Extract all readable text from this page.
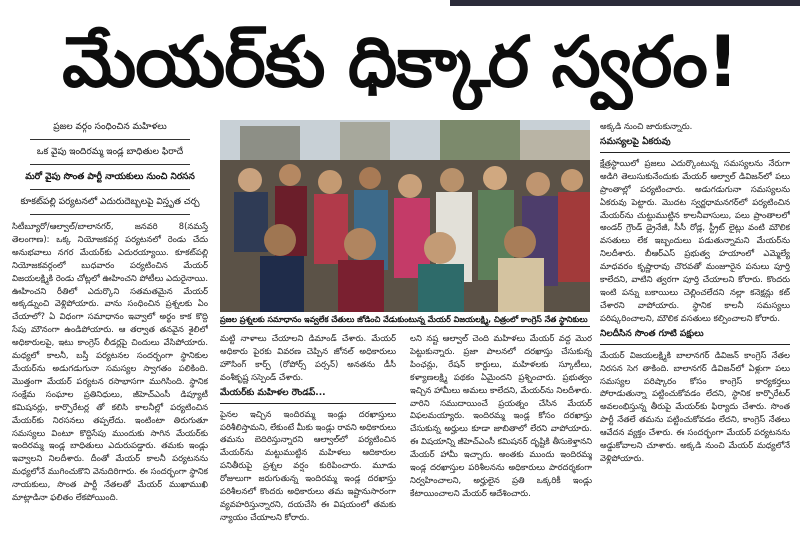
మేయర్‌కు ధిక్కార స్వరం!
ప్రజల వర్గం సంధించిన మహిళలు
ఒక వైపు ఇందిరమ్మ ఇండ్ల బాధితుల ఫిరాదే
మరో వైపు సొంత పార్టీ నాయకులు నుంచి నిరసన
కూకట్‌పల్లి పర్యటనలో ఎదురుదెబ్బలపై విస్తృత చర్చ

సిటీబ్యూరో/ఆల్వాల్/బాలానగర్, జనవరి 8(నమస్తే తెలంగాణ): ఒక్క నియోజకవర్గ పర్యటనలో రెండు చేదు అనుభవాలు నగర మేయర్‌కు ఎదురయ్యాయి. కూకట్‌పల్లి నియోజకవర్గంలో బుధవారం పర్యటించిన మేయర్ విజయలక్ష్మికి రెండు చోట్లలో ఊహించని పోటీలు ఎదురైనాయి. ఊహించని రీతిలో ఎదుర్కొని సతమతమైన మేయర్ అక్కడ్నుంచి వెళ్లిపోయారు. వాను సంధించిన ప్రశ్నలకు ఏం చేయాలో? ఏ విధంగా సమాధానం ఇవ్వాలో అర్థం కాక కొద్ది సేపు మౌనంగా ఉండిపోయారు. ఆ తర్వాత తనవైన శైలిలో అధికారులపై, ఇటు కాంగ్రెస్ లీడర్లపై చిందులు వేసిపోయారు. మధ్యలో కాలనీ, బస్తీ పర్యటనల సందర్భంగా స్థానికుల మేయర్‌ను అడుగడుగునా సమస్యల స్వాగతం పలికింది. మొత్తంగా మేయర్ పర్యటన రసాభాసగా ముగిసింది. స్థానిక సంక్షేమ సంఘాల ప్రతినిధులు, జీహెచ్ఎంసీ డిప్యూటీ కమిషనర్లు, కార్పొరేటర్ల తో కలిసి కాలనీల్లో పర్యటించిన మేయర్‌కు నిరసనలు తప్పలేదు. ఇంటింటా తిరుగుతూ సమస్యలు వింటూ కొద్దిసేపు ముందుకు సాగిన మేయర్‌కు ఇందిరమ్మ ఇండ్ల బాధితులు ఎదురుపడ్డారు. తమకు ఇండ్లు ఇవ్వాలని నిలదీశారు. దీంతో మేయర్ కాలనీ పర్యటనను మధ్యలోనే ముగించుకొని వెనుదిరిగారు. ఈ సందర్భంగా స్థానిక నాయకులు, సొంత పార్టీ నేతలతో మేయర్ ముఖాముఖి మాట్లాడినా ఫలితం లేకపోయింది.

ప్రజల ప్రశ్నలకు సమాధానం ఇవ్వలేక చేతులు జోడించి వేడుకుంటున్న మేయర్ విజయలక్ష్మి, చిత్రంలో కాంగ్రెస్ నేత స్థానికులు

మట్టి నాళాలు చేయాలని డిమాండ్ చేశారు. మేయర్ అధికారు పైరకు వివరణ చెప్పిన జోనల్ అధికారులు హౌసింగ్ కార్ప్ (రోపోర్స్ పర్సన్) అనతను డీసీ వంశీకృష్ణ సస్పెండ్ చేశారు.

మేయర్‌కు మహిళల రౌండప్...

పైనల ఇచ్చిన ఇందిరమ్మ ఇండ్లు దరఖాస్తులు పరిశీలిస్తామని, లేకుంటే మీకు ఇండ్లు రావని అధికారులు తమను బెదిరిస్తున్నారని ఆల్వాల్‌లో పర్యటించిన మేయర్‌ను మట్టుముట్టిన మహిళలు ఆదికారుల పనితీరుపై ప్రశ్నల వర్షం కురిపించారు. మూడు రోజులుగా జరుగుతున్న ఇందిరమ్మ ఇండ్ల దరఖాస్తు పరిశీలనలో కొందరు అధికారులు తమ ఇష్టానుసారంగా వ్యవహరిస్తున్నారని, దయచేసి ఈ విషయంలో తమకు న్యాయం చేయాలని కోరారు.

లని నష్ట ఆల్వాల్ చెంది మహిళలు మేయర్ వద్ద మొర పెట్టుకున్నారు. ప్రజా పాలనలో దరఖాస్తు చేసుకున్న పింఛన్లు, రేషన్ కార్డులు, మహిళలకు స్కూటీలు, కళ్యాణలక్ష్మి పథకం ఏమైందని ప్రశ్నించారు. ప్రభుత్వం ఇచ్చిన హామీలు అమలు కాలేదని, మేయర్‌ను నిలదీశారు. వారిని సముదాయించే ప్రయత్నం చేసిన మేయర్ విఫలమయ్యారు. ఇందిరమ్మ ఇండ్ల కోసం దరఖాస్తు చేసుకున్న అర్హులు కూడా జాబితాలో లేరని వాపోయారు. ఈ విషయాన్ని జీహెచ్ఎంసీ కమిషనర్ దృష్టికి తీసుకెళ్తానని మేయర్ హామీ ఇచ్చారు. అంతకు ముందు ఇందిరమ్మ ఇండ్ల దరఖాస్తుల పరిశీలనను అధికారులు పారదర్శకంగా నిర్వహించాలని, అర్హులైన ప్రతి ఒక్కరికీ ఇండ్లు కేటాయించాలని మేయర్ ఆదేశించారు.

అక్కడి నుంచి జారుకున్నారు.

సమస్యలపై ఏకరువు

క్షేత్రస్థాయిలో ప్రజలు ఎదుర్కొంటున్న సమస్యలను నేరుగా అడిగి తెలుసుకునేందుకు మేయర్ ఆల్వాల్ డివిజన్‌లో పలు ప్రాంతాల్లో పర్యటించారు. అడుగడుగునా సమస్యలను ఏకరువు పెట్టారు. మొదట స్వర్ణధామనగర్‌లో పర్యటించిన మేయర్‌ను చుట్టుముట్టిన కాలనీవాసులు, పలు ప్రాంతాలలో అండర్ గ్రౌండ్ డ్రైనేజీ, సీసీ రోడ్ల, స్ట్రీట్ లైట్లు వంటి మౌలిక వసతులు లేక ఇబ్బందులు పడుతున్నామని మేయర్‌ను నిలదీశారు. బీఆర్ఎస్ ప్రభుత్వ హయాంలో ఎమ్మెల్యే మాధవరం కృష్ణారావు చొరవతో మంజూరైన పనులు పూర్తి కాలేదని, వాటిని త్వరగా పూర్తి చేయాలని కోరారు. కొందరు ఇంటి పన్ను బకాయిలు చెల్లించలేదని నల్లా కనెక్షన్లు కట్ చేశారని వాపోయారు. స్థానిక కాలనీ సమస్యలు పరిష్కరించాలని, మౌలిక వసతులు కల్పించాలని కోరారు.

నిలదీసిన సొంత గూటి పక్షులు

మేయర్ విజయలక్ష్మికి బాలానగర్ డివిజన్ కాంగ్రెస్ నేతల నిరసన సెగ తాకింది. బాలానగర్ డివిజన్‌లో ఏళ్లుగా పలు సమస్యల పరిష్కారం కోసం కాంగ్రెస్ కార్యకర్తలు పోరాడుతున్నా పట్టించుకోవడం లేదని, స్థానిక కార్పొరేటర్ అవలంభిస్తున్న తీరుపై మేయర్‌కు ఫిర్యాదు చేశారు. సొంత పార్టీ నేతలే తమను పట్టించుకోవడం లేదని, కాంగ్రెస్ నేతలు ఆవేదన వ్యక్తం చేశారు. ఈ సందర్భంగా మేయర్ పర్యటనను అడ్డుకోవాలని చూశారు. అక్కడి నుంచి మేయర్ మధ్యలోనే వెళ్లిపోయారు.
